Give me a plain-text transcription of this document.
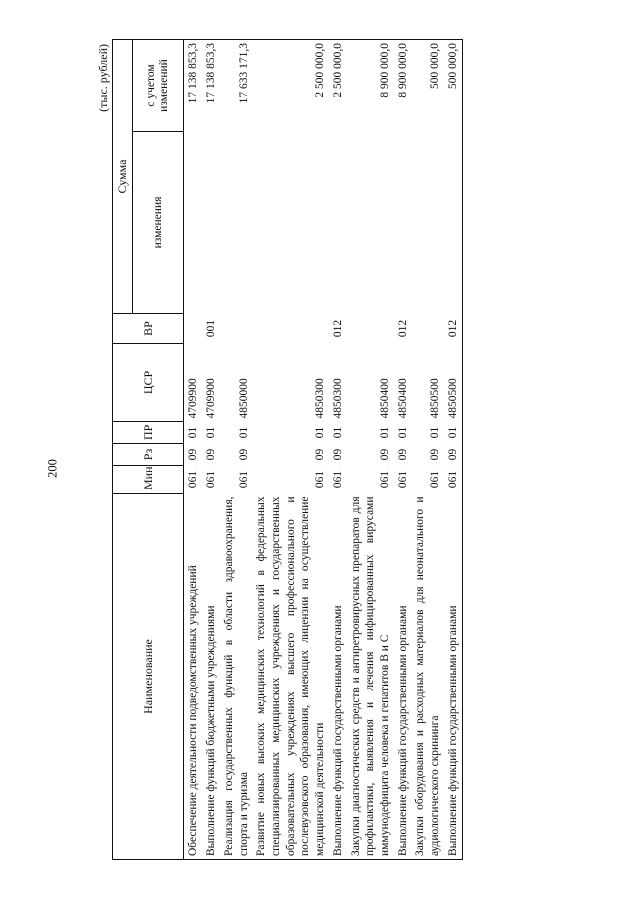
200
(тыс. рублей)
Наименование	Мин	Рз	ПР	ЦСР	ВР	Сумма	
						изменения	с учетом изменений
Обеспечение деятельности подведомственных учреждений	061	09	01	4709900			17 138 853,3
Выполнение функций бюджетными учреждениями	061	09	01	4709900	001		17 138 853,3
Реализация государственных функций в области здравоохранения, спорта и туризма	061	09	01	4850000			17 633 171,3
Развитие новых высоких медицинских технологий в федеральных специализированных медицинских учреждениях и государственных образовательных учреждениях высшего профессионального и послевузовского образования, имеющих лицензии на осуществление медицинской деятельности	061	09	01	4850300			2 500 000,0
Выполнение функций государственными органами	061	09	01	4850300	012		2 500 000,0
Закупки диагностических средств и антиретровирусных препаратов для профилактики, выявления и лечения инфицированных вирусами иммунодефицита человека и гепатитов В и С	061	09	01	4850400			8 900 000,0
Выполнение функций государственными органами	061	09	01	4850400	012		8 900 000,0
Закупки оборудования и расходных материалов для неонатального и аудиологического скрининга	061	09	01	4850500			500 000,0
Выполнение функций государственными органами	061	09	01	4850500	012		500 000,0
